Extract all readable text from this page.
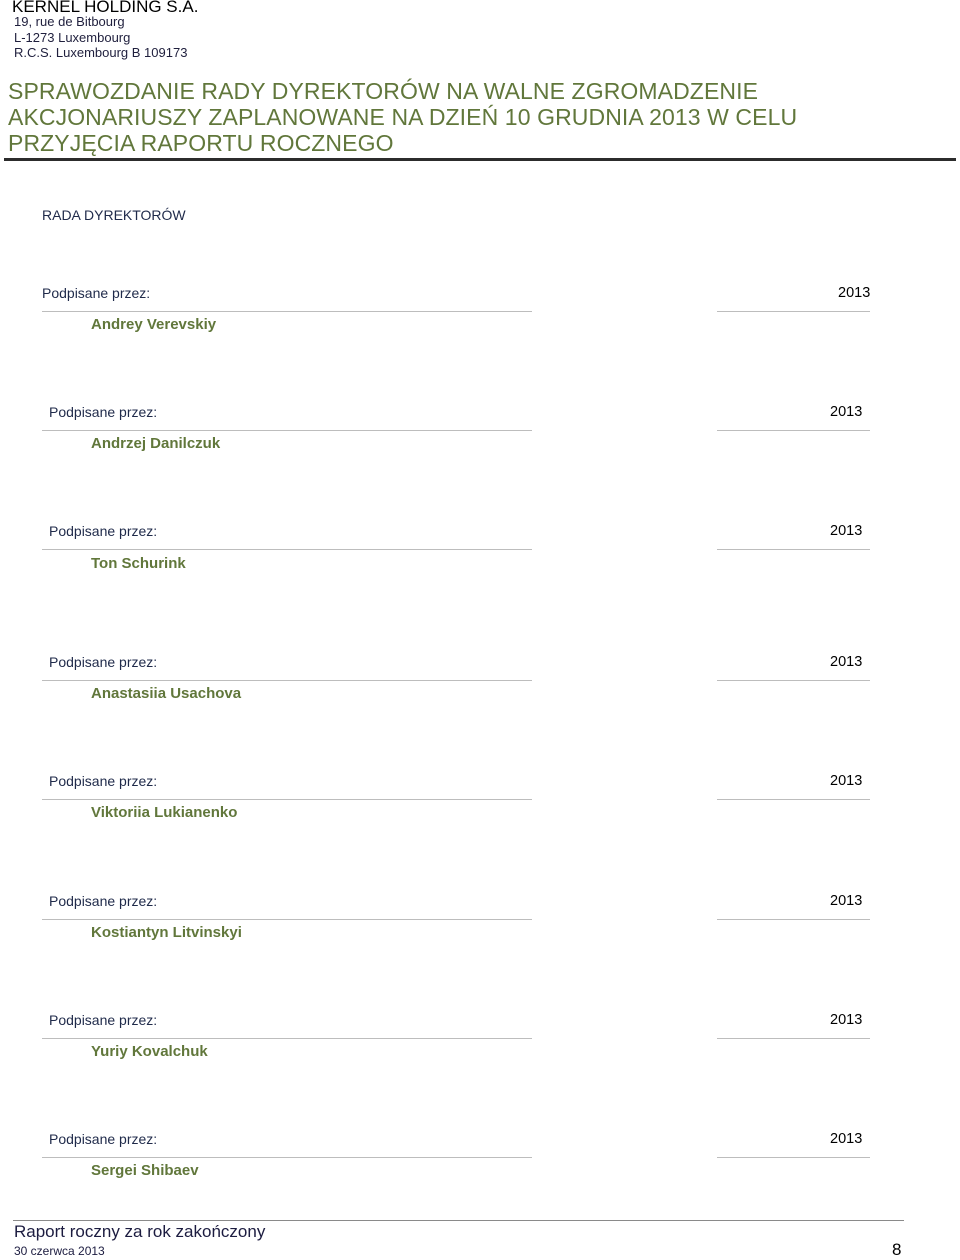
KERNEL HOLDING S.A.
19, rue de Bitbourg
L-1273 Luxembourg
R.C.S. Luxembourg B 109173
SPRAWOZDANIE RADY DYREKTORÓW NA WALNE ZGROMADZENIE
AKCJONARIUSZY ZAPLANOWANE NA DZIEŃ 10 GRUDNIA 2013 W CELU
PRZYJĘCIA RAPORTU ROCZNEGO
RADA DYREKTORÓW
Podpisane przez:	2013
Andrey Verevskiy
Podpisane przez:	2013
Andrzej Danilczuk
Podpisane przez:	2013
Ton Schurink
Podpisane przez:	2013
Anastasiia Usachova
Podpisane przez:	2013
Viktoriia Lukianenko
Podpisane przez:	2013
Kostiantyn Litvinskyi
Podpisane przez:	2013
Yuriy Kovalchuk
Podpisane przez:	2013
Sergei Shibaev
Raport roczny za rok zakończony
30 czerwca 2013	8
